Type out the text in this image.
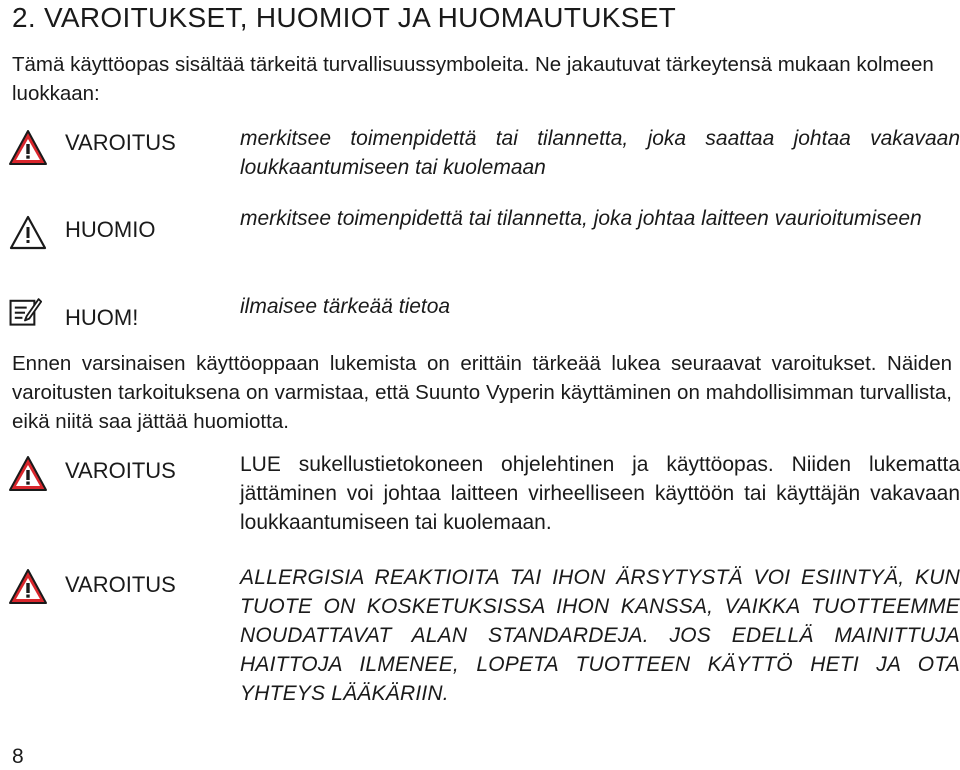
2. VAROITUKSET, HUOMIOT JA HUOMAUTUKSET

Tämä käyttöopas sisältää tärkeitä turvallisuussymboleita. Ne jakautuvat tärkeytensä mukaan kolmeen luokkaan:

VAROITUS	merkitsee toimenpidettä tai tilannetta, joka saattaa johtaa vakavaan loukkaantumiseen tai kuolemaan

HUOMIO	merkitsee toimenpidettä tai tilannetta, joka johtaa laitteen vaurioitumiseen

HUOM!	ilmaisee tärkeää tietoa

Ennen varsinaisen käyttöoppaan lukemista on erittäin tärkeää lukea seuraavat varoitukset. Näiden varoitusten tarkoituksena on varmistaa, että Suunto Vyperin käyttäminen on mahdollisimman turvallista, eikä niitä saa jättää huomiotta.

VAROITUS	LUE sukellustietokoneen ohjelehtinen ja käyttöopas. Niiden lukematta jättäminen voi johtaa laitteen virheelliseen käyttöön tai käyttäjän vakavaan loukkaantumiseen tai kuolemaan.

VAROITUS	ALLERGISIA REAKTIOITA TAI IHON ÄRSYTYSTÄ VOI ESIINTYÄ, KUN TUOTE ON KOSKETUKSISSA IHON KANSSA, VAIKKA TUOTTEEMME NOUDATTAVAT ALAN STANDARDEJA. JOS EDELLÄ MAINITTUJA HAITTOJA ILMENEE, LOPETA TUOTTEEN KÄYTTÖ HETI JA OTA YHTEYS LÄÄKÄRIIN.

8
